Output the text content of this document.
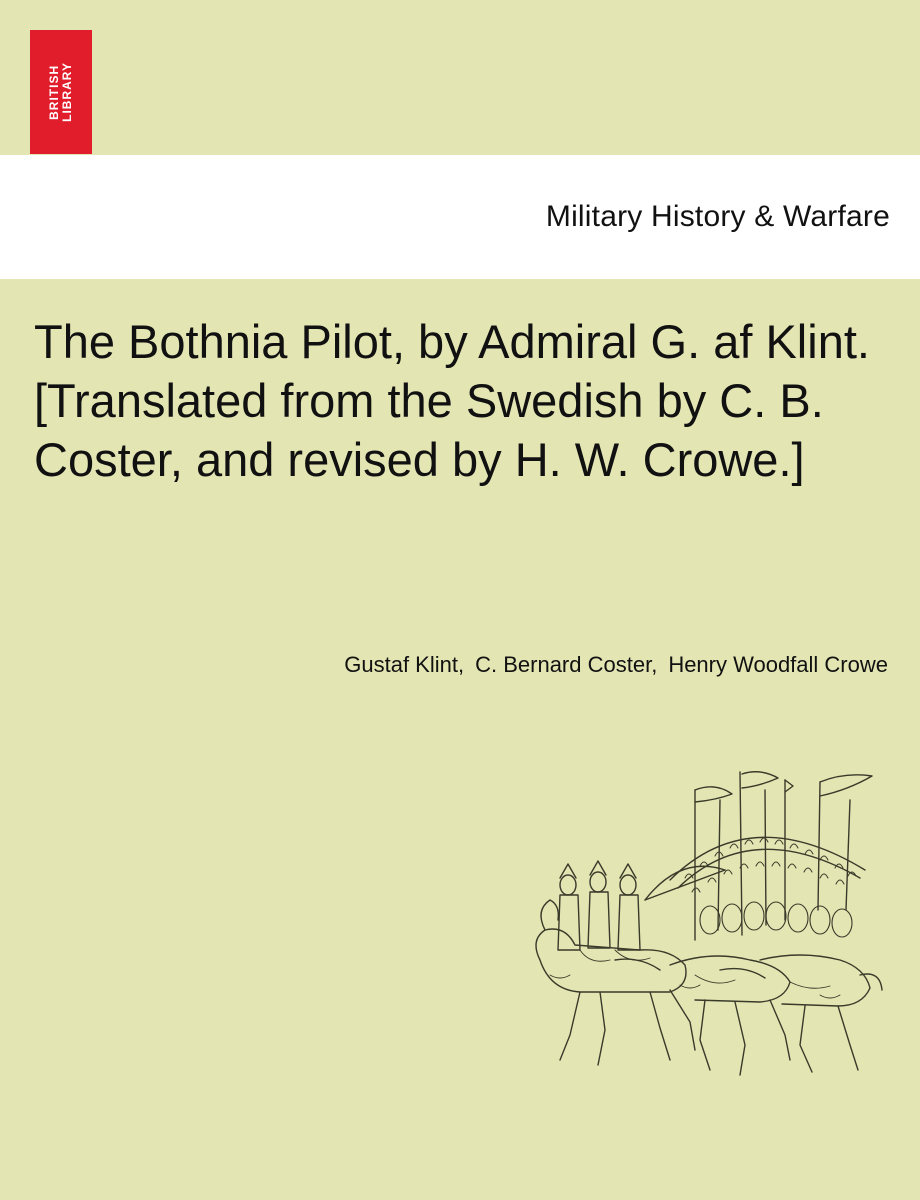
BRITISH
LIBRARY
Military History & Warfare
The Bothnia Pilot, by Admiral G. af Klint. [Translated from the Swedish by C. B. Coster, and revised by H. W. Crowe.]
Gustaf Klint, C. Bernard Coster, Henry Woodfall Crowe
